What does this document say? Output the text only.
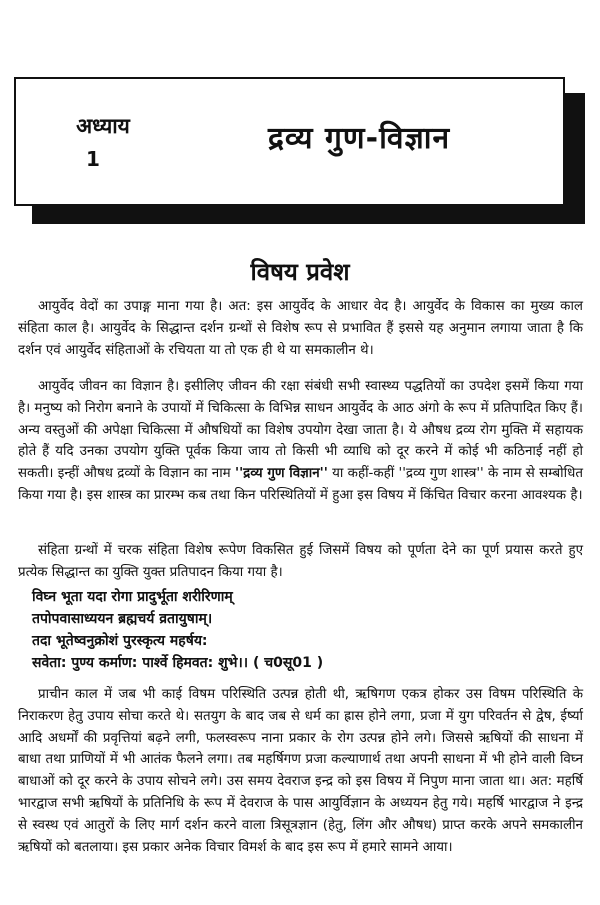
अध्याय
1
द्रव्य गुण-विज्ञान
विषय प्रवेश

आयुर्वेद वेदों का उपाङ्ग माना गया है। अत: इस आयुर्वेद के आधार वेद है। आयुर्वेद के विकास का मुख्य काल संहिता काल है। आयुर्वेद के सिद्धान्त दर्शन ग्रन्थों से विशेष रूप से प्रभावित हैं इससे यह अनुमान लगाया जाता है कि दर्शन एवं आयुर्वेद संहिताओं के रचियता या तो एक ही थे या समकालीन थे।

आयुर्वेद जीवन का विज्ञान है। इसीलिए जीवन की रक्षा संबंधी सभी स्वास्थ्य पद्धतियों का उपदेश इसमें किया गया है। मनुष्य को निरोग बनाने के उपायों में चिकित्सा के विभिन्न साधन आयुर्वेद के आठ अंगो के रूप में प्रतिपादित किए हैं। अन्य वस्तुओं की अपेक्षा चिकित्सा में औषधियों का विशेष उपयोग देखा जाता है। ये औषध द्रव्य रोग मुक्ति में सहायक होते हैं यदि उनका उपयोग युक्ति पूर्वक किया जाय तो किसी भी व्याधि को दूर करने में कोई भी कठिनाई नहीं हो सकती। इन्हीं औषध द्रव्यों के विज्ञान का नाम ''द्रव्य गुण विज्ञान'' या कहीं-कहीं ''द्रव्य गुण शास्त्र'' के नाम से सम्बोधित किया गया है। इस शास्त्र का प्रारम्भ कब तथा किन परिस्थितियों में हुआ इस विषय में किंचित विचार करना आवश्यक है।

संहिता ग्रन्थों में चरक संहिता विशेष रूपेण विकसित हुई जिसमें विषय को पूर्णता देने का पूर्ण प्रयास करते हुए प्रत्येक सिद्धान्त का युक्ति युक्त प्रतिपादन किया गया है।

विघ्न भूता यदा रोगा प्रादुर्भूता शरीरिणाम्
तपोपवासाध्ययन ब्रह्मचर्य व्रतायुषाम्।
तदा भूतेष्वनुक्रोशं पुरस्कृत्य महर्षय:
सवेता: पुण्य कर्माण: पार्श्वे हिमवत: शुभे।। ( च0सू01 )

प्राचीन काल में जब भी काई विषम परिस्थिति उत्पन्न होती थी, ऋषिगण एकत्र होकर उस विषम परिस्थिति के निराकरण हेतु उपाय सोचा करते थे। सतयुग के बाद जब से धर्म का ह्रास होने लगा, प्रजा में युग परिवर्तन से द्वेष, ईर्ष्या आदि अधर्मों की प्रवृत्तियां बढ़ने लगी, फलस्वरूप नाना प्रकार के रोग उत्पन्न होने लगे। जिससे ऋषियों की साधना में बाधा तथा प्राणियों में भी आतंक फैलने लगा। तब महर्षिगण प्रजा कल्याणार्थ तथा अपनी साधना में भी होने वाली विघ्न बाधाओं को दूर करने के उपाय सोचने लगे। उस समय देवराज इन्द्र को इस विषय में निपुण माना जाता था। अत: महर्षि भारद्वाज सभी ऋषियों के प्रतिनिधि के रूप में देवराज के पास आयुर्विज्ञान के अध्ययन हेतु गये। महर्षि भारद्वाज ने इन्द्र से स्वस्थ एवं आतुरों के लिए मार्ग दर्शन करने वाला त्रिसूत्रज्ञान (हेतु, लिंग और औषध) प्राप्त करके अपने समकालीन ऋषियों को बतलाया। इस प्रकार अनेक विचार विमर्श के बाद इस रूप में हमारे सामने आया।
